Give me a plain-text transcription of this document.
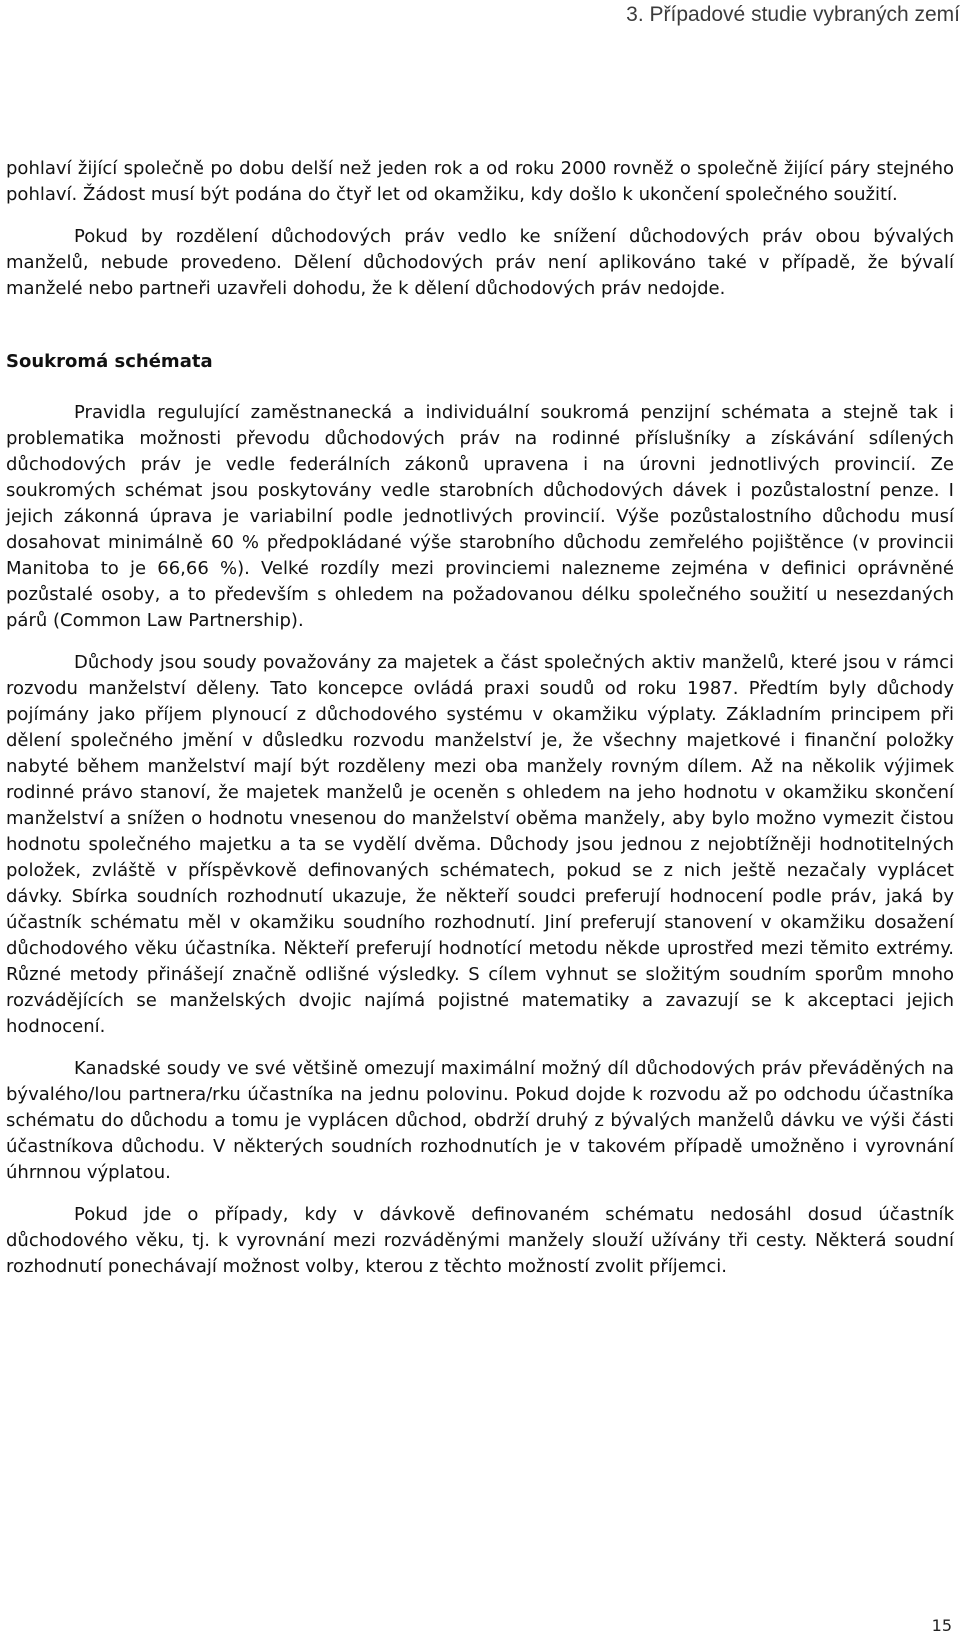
3. Případové studie vybraných zemí

pohlaví žijící společně po dobu delší než jeden rok a od roku 2000 rovněž o společně žijící páry stejného pohlaví. Žádost musí být podána do čtyř let od okamžiku, kdy došlo k ukončení společného soužití.

Pokud by rozdělení důchodových práv vedlo ke snížení důchodových práv obou bývalých manželů, nebude provedeno. Dělení důchodových práv není aplikováno také v případě, že bývalí manželé nebo partneři uzavřeli dohodu, že k dělení důchodových práv nedojde.

Soukromá schémata

Pravidla regulující zaměstnanecká a individuální soukromá penzijní schémata a stejně tak i problematika možnosti převodu důchodových práv na rodinné příslušníky a získávání sdílených důchodových práv je vedle federálních zákonů upravena i na úrovni jednotlivých provincií. Ze soukromých schémat jsou poskytovány vedle starobních důchodových dávek i pozůstalostní penze. I jejich zákonná úprava je variabilní podle jednotlivých provincií. Výše pozůstalostního důchodu musí dosahovat minimálně 60 % předpokládané výše starobního důchodu zemřelého pojištěnce (v provincii Manitoba to je 66,66 %). Velké rozdíly mezi provinciemi nalezneme zejména v definici oprávněné pozůstalé osoby, a to především s ohledem na požadovanou délku společného soužití u nesezdaných párů (Common Law Partnership).

Důchody jsou soudy považovány za majetek a část společných aktiv manželů, které jsou v rámci rozvodu manželství děleny. Tato koncepce ovládá praxi soudů od roku 1987. Předtím byly důchody pojímány jako příjem plynoucí z důchodového systému v okamžiku výplaty. Základním principem při dělení společného jmění v důsledku rozvodu manželství je, že všechny majetkové i finanční položky nabyté během manželství mají být rozděleny mezi oba manžely rovným dílem. Až na několik výjimek rodinné právo stanoví, že majetek manželů je oceněn s ohledem na jeho hodnotu v okamžiku skončení manželství a snížen o hodnotu vnesenou do manželství oběma manžely, aby bylo možno vymezit čistou hodnotu společného majetku a ta se vydělí dvěma. Důchody jsou jednou z nejobtížněji hodnotitelných položek, zvláště v příspěvkově definovaných schématech, pokud se z nich ještě nezačaly vyplácet dávky. Sbírka soudních rozhodnutí ukazuje, že někteří soudci preferují hodnocení podle práv, jaká by účastník schématu měl v okamžiku soudního rozhodnutí. Jiní preferují stanovení v okamžiku dosažení důchodového věku účastníka. Někteří preferují hodnotící metodu někde uprostřed mezi těmito extrémy. Různé metody přinášejí značně odlišné výsledky. S cílem vyhnut se složitým soudním sporům mnoho rozvádějících se manželských dvojic najímá pojistné matematiky a zavazují se k akceptaci jejich hodnocení.

Kanadské soudy ve své většině omezují maximální možný díl důchodových práv převáděných na bývalého/lou partnera/rku účastníka na jednu polovinu. Pokud dojde k rozvodu až po odchodu účastníka schématu do důchodu a tomu je vyplácen důchod, obdrží druhý z bývalých manželů dávku ve výši části účastníkova důchodu. V některých soudních rozhodnutích je v takovém případě umožněno i vyrovnání úhrnnou výplatou.

Pokud jde o případy, kdy v dávkově definovaném schématu nedosáhl dosud účastník důchodového věku, tj. k vyrovnání mezi rozváděnými manžely slouží užívány tři cesty. Některá soudní rozhodnutí ponechávají možnost volby, kterou z těchto možností zvolit příjemci.

15
